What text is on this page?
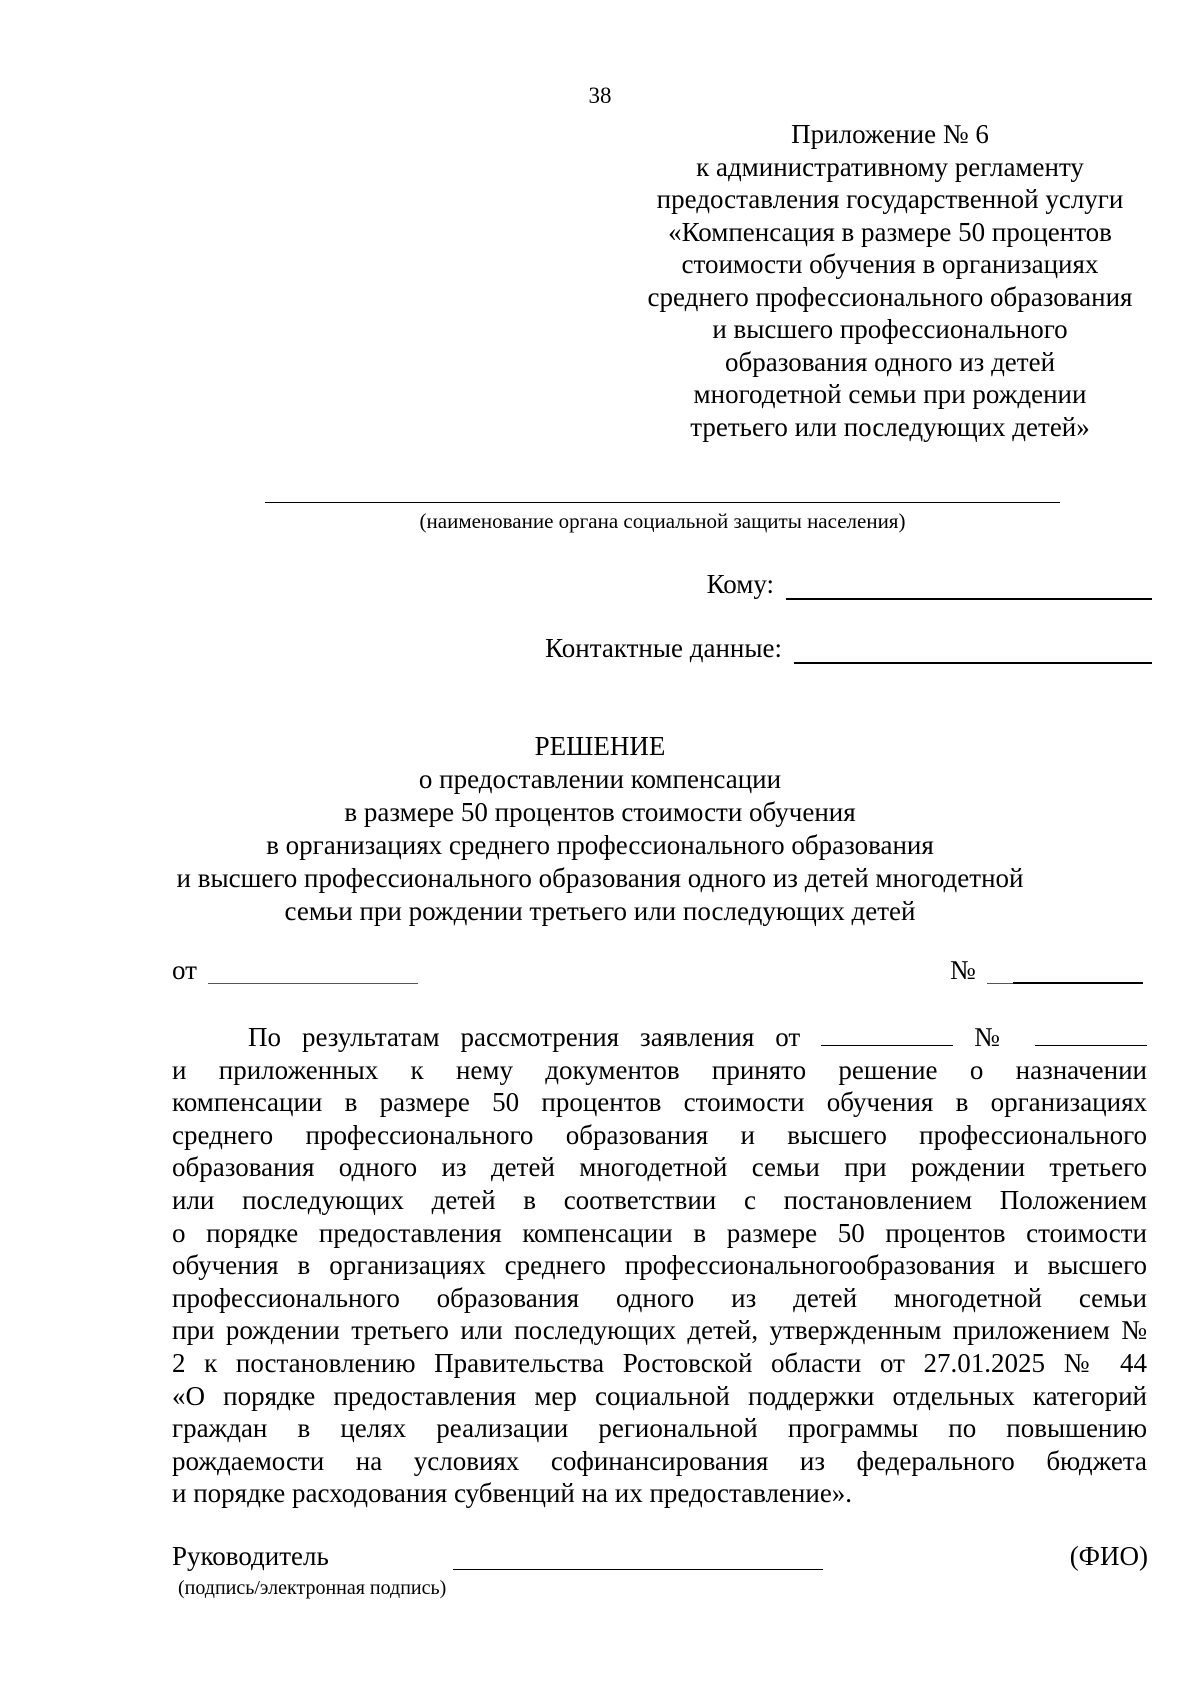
38
Приложение № 6
к административному регламенту
предоставления государственной услуги
«Компенсация в размере 50 процентов
стоимости обучения в организациях
среднего профессионального образования
и высшего профессионального
образования одного из детей
многодетной семьи при рождении
третьего или последующих детей»
(наименование органа социальной защиты населения)
Кому:
Контактные данные:
РЕШЕНИЕ
о предоставлении компенсации
в размере 50 процентов стоимости обучения
в организациях среднего профессионального образования
и высшего профессионального образования одного из детей многодетной
семьи при рождении третьего или последующих детей
от	№
По результатам рассмотрения заявления от	№
и приложенных к нему документов принято решение о назначении
компенсации в размере 50 процентов стоимости обучения в организациях
среднего профессионального образования и высшего профессионального
образования одного из детей многодетной семьи при рождении третьего
или последующих детей в соответствии с постановлением Положением
о порядке предоставления компенсации в размере 50 процентов стоимости
обучения в организациях среднего профессиональногообразования и высшего
профессионального образования одного из детей многодетной семьи
при рождении третьего или последующих детей, утвержденным приложением №
2 к постановлению Правительства Ростовской области от 27.01.2025 № 44
«О порядке предоставления мер социальной поддержки отдельных категорий
граждан в целях реализации региональной программы по повышению
рождаемости на условиях софинансирования из федерального бюджета
и порядке расходования субвенций на их предоставление».
Руководитель	(ФИО)
(подпись/электронная подпись)
